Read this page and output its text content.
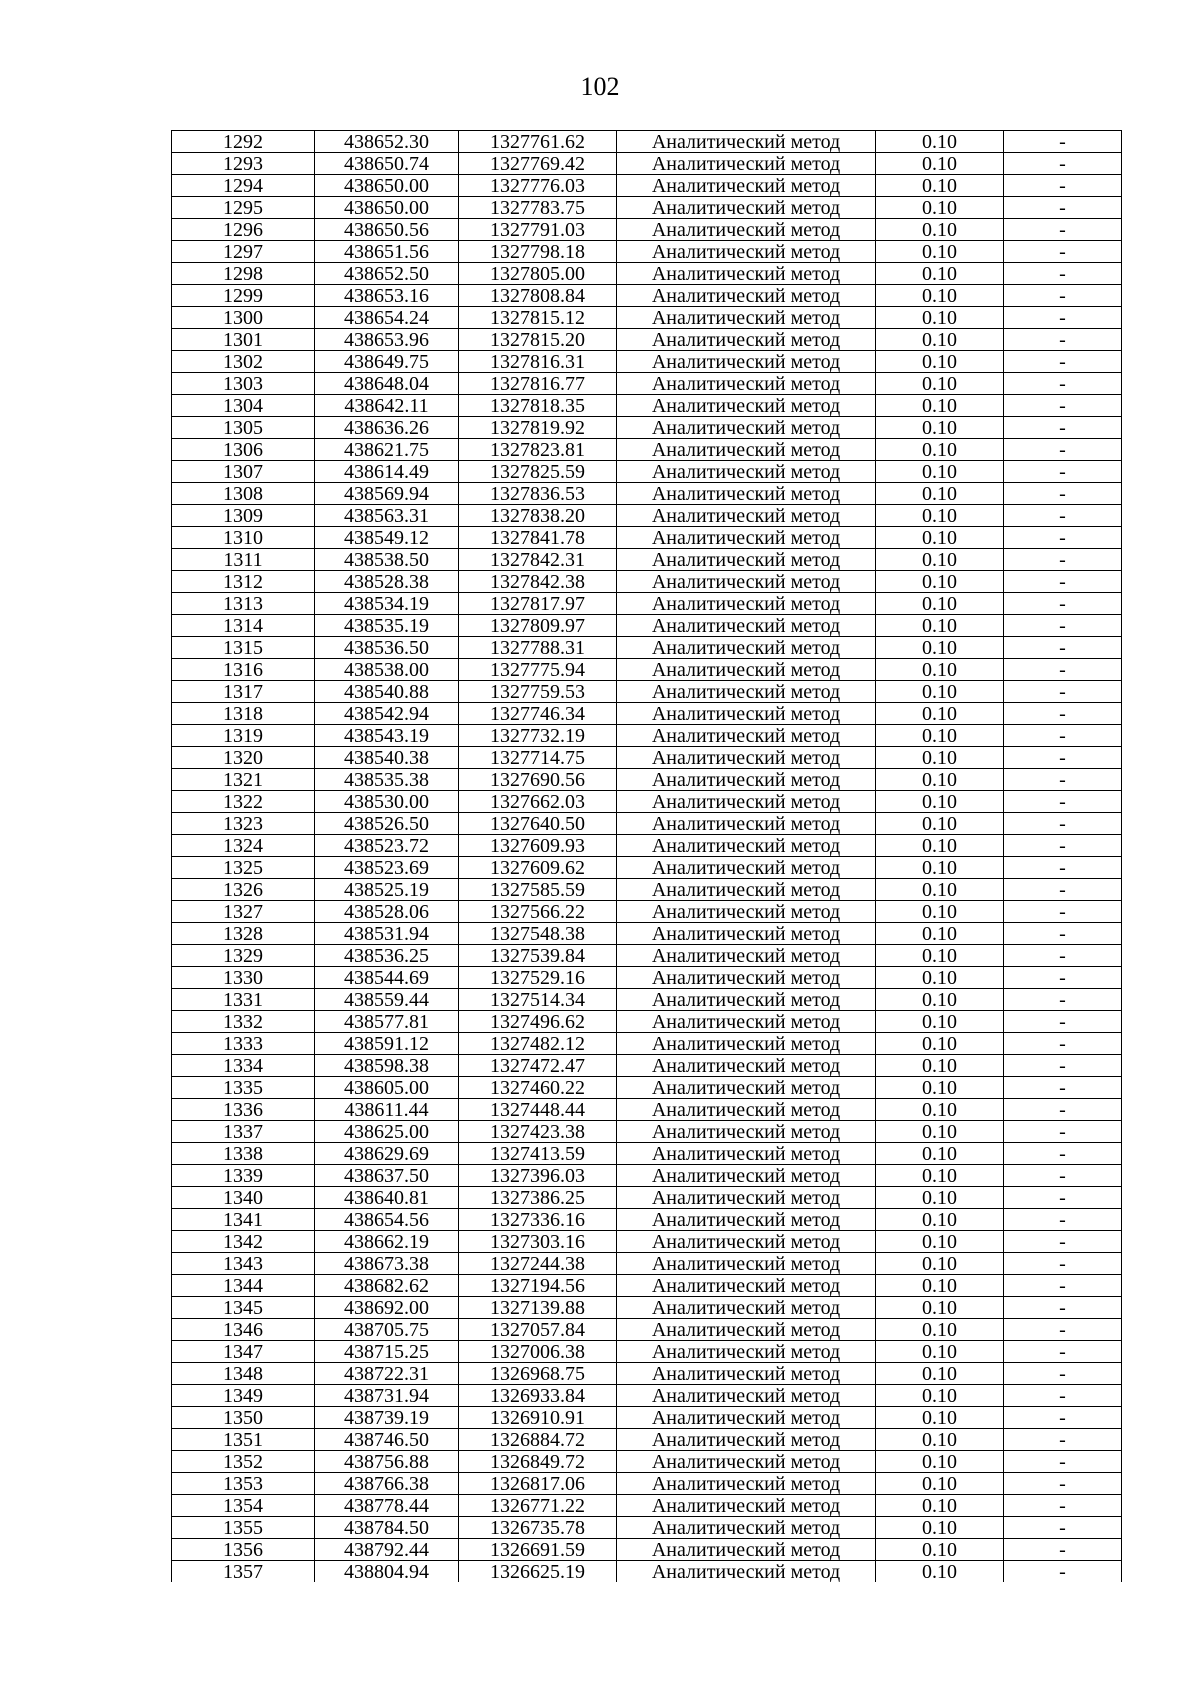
102
1292	438652.30	1327761.62	Аналитический метод	0.10	-
1293	438650.74	1327769.42	Аналитический метод	0.10	-
1294	438650.00	1327776.03	Аналитический метод	0.10	-
1295	438650.00	1327783.75	Аналитический метод	0.10	-
1296	438650.56	1327791.03	Аналитический метод	0.10	-
1297	438651.56	1327798.18	Аналитический метод	0.10	-
1298	438652.50	1327805.00	Аналитический метод	0.10	-
1299	438653.16	1327808.84	Аналитический метод	0.10	-
1300	438654.24	1327815.12	Аналитический метод	0.10	-
1301	438653.96	1327815.20	Аналитический метод	0.10	-
1302	438649.75	1327816.31	Аналитический метод	0.10	-
1303	438648.04	1327816.77	Аналитический метод	0.10	-
1304	438642.11	1327818.35	Аналитический метод	0.10	-
1305	438636.26	1327819.92	Аналитический метод	0.10	-
1306	438621.75	1327823.81	Аналитический метод	0.10	-
1307	438614.49	1327825.59	Аналитический метод	0.10	-
1308	438569.94	1327836.53	Аналитический метод	0.10	-
1309	438563.31	1327838.20	Аналитический метод	0.10	-
1310	438549.12	1327841.78	Аналитический метод	0.10	-
1311	438538.50	1327842.31	Аналитический метод	0.10	-
1312	438528.38	1327842.38	Аналитический метод	0.10	-
1313	438534.19	1327817.97	Аналитический метод	0.10	-
1314	438535.19	1327809.97	Аналитический метод	0.10	-
1315	438536.50	1327788.31	Аналитический метод	0.10	-
1316	438538.00	1327775.94	Аналитический метод	0.10	-
1317	438540.88	1327759.53	Аналитический метод	0.10	-
1318	438542.94	1327746.34	Аналитический метод	0.10	-
1319	438543.19	1327732.19	Аналитический метод	0.10	-
1320	438540.38	1327714.75	Аналитический метод	0.10	-
1321	438535.38	1327690.56	Аналитический метод	0.10	-
1322	438530.00	1327662.03	Аналитический метод	0.10	-
1323	438526.50	1327640.50	Аналитический метод	0.10	-
1324	438523.72	1327609.93	Аналитический метод	0.10	-
1325	438523.69	1327609.62	Аналитический метод	0.10	-
1326	438525.19	1327585.59	Аналитический метод	0.10	-
1327	438528.06	1327566.22	Аналитический метод	0.10	-
1328	438531.94	1327548.38	Аналитический метод	0.10	-
1329	438536.25	1327539.84	Аналитический метод	0.10	-
1330	438544.69	1327529.16	Аналитический метод	0.10	-
1331	438559.44	1327514.34	Аналитический метод	0.10	-
1332	438577.81	1327496.62	Аналитический метод	0.10	-
1333	438591.12	1327482.12	Аналитический метод	0.10	-
1334	438598.38	1327472.47	Аналитический метод	0.10	-
1335	438605.00	1327460.22	Аналитический метод	0.10	-
1336	438611.44	1327448.44	Аналитический метод	0.10	-
1337	438625.00	1327423.38	Аналитический метод	0.10	-
1338	438629.69	1327413.59	Аналитический метод	0.10	-
1339	438637.50	1327396.03	Аналитический метод	0.10	-
1340	438640.81	1327386.25	Аналитический метод	0.10	-
1341	438654.56	1327336.16	Аналитический метод	0.10	-
1342	438662.19	1327303.16	Аналитический метод	0.10	-
1343	438673.38	1327244.38	Аналитический метод	0.10	-
1344	438682.62	1327194.56	Аналитический метод	0.10	-
1345	438692.00	1327139.88	Аналитический метод	0.10	-
1346	438705.75	1327057.84	Аналитический метод	0.10	-
1347	438715.25	1327006.38	Аналитический метод	0.10	-
1348	438722.31	1326968.75	Аналитический метод	0.10	-
1349	438731.94	1326933.84	Аналитический метод	0.10	-
1350	438739.19	1326910.91	Аналитический метод	0.10	-
1351	438746.50	1326884.72	Аналитический метод	0.10	-
1352	438756.88	1326849.72	Аналитический метод	0.10	-
1353	438766.38	1326817.06	Аналитический метод	0.10	-
1354	438778.44	1326771.22	Аналитический метод	0.10	-
1355	438784.50	1326735.78	Аналитический метод	0.10	-
1356	438792.44	1326691.59	Аналитический метод	0.10	-
1357	438804.94	1326625.19	Аналитический метод	0.10	-
